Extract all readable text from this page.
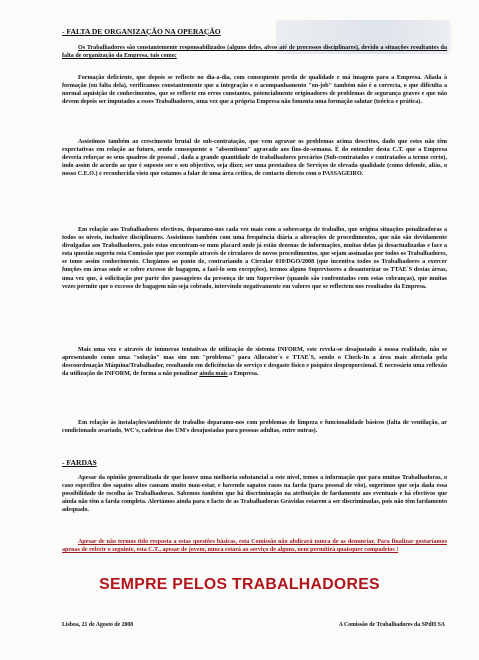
- FALTA DE ORGANIZAÇÃO NA OPERAÇÃO
Os Trabalhadores são constantemente responsabilizados (alguns deles, alvos até de processos disciplinares), devido a situações resultantes da falta de organização da Empresa, tais como:
Formação deficiente, que depois se reflecte no dia-a-dia, com consequente perda de qualidade e má imagem para a Empresa. Aliada à formação (ou falta dela), verificamos constantemente que a integração e o acompanhamento "on-job" também não é a correcta, o que dificulta a normal aquisição de conhecimentos, que se reflecte em erros constantes, potencialmente originadores de problemas de segurança graves e que não devem depois ser imputados a esses Trabalhadores, uma vez que a própria Empresa não fomenta uma formação salutar (teórica e prática).
Assistimos também ao crescimento brutal de sub-contratação, que vem agravar os problemas acima descritos, dado que estes não têm expectativas em relação ao futuro, sendo consequente o "absentismo" agravado aos fins-de-semana. É do entender desta C.T. que a Empresa deveria reforçar os seus quadros de pessoal , dada a grande quantidade de trabalhadores precários (Sub-contratados e contratados a termo certo), indo assim de acordo ao que é suposto ser o seu objectivo, seja dizer, ser uma prestadora de Serviços de elevada qualidade (como defende, aliás, o nosso C.E.O.) e reconhecida visto que estamos a falar de uma área crítica, de contacto directo com o PASSAGEIRO.
Em relação aos Trabalhadores efectivos, deparamo-nos cada vez mais com a sobrecarga de trabalho, que origina situações penalizadoras a todos os níveis, inclusive disciplinares. Assistimos também com uma frequência diária a alterações de procedimentos, que não são devidamente divulgadas aos Trabalhadores, pois estas encontram-se num placard onde já estão dezenas de informações, muitas delas já desactualizadas e face a esta questão sugeriu esta Comissão que por exemplo através de circulares de novos procedimentos, que sejam assinadas por todos os Trabalhadores, se tome assim conhecimento. Chegámos ao ponto de, contrariando a Circular 010/DGO/2008 (que incentiva todos os Trabalhadores a exercer funções em áreas onde se cobre excesso de bagagem, a fazê-lo sem excepções), termos alguns Supervisores a desautorizar os TTAE´S destas áreas, uma vez que, à solicitação por parte dos passageiros da presença de um Supervisor (quando são confrontados com estas cobranças), que muitas vezes permite que o excesso de bagagem não seja cobrado, intervindo negativamente em valores que se reflectem nos resultados da Empresa.
Mais uma vez e através de inúmeras tentativas de utilização do sistema INFORM, este revela-se desajustado à nossa realidade, não se apresentando como uma "solução" mas sim um "problema" para Allocator´s e TTAE´S, sendo o Check-In a área mais afectada pela descoordenação Máquina/Trabalhador, resultando em deficiências de serviço e desgaste físico e psíquico desproporcional. É necessário uma reflexão da utilização do INFORM, de forma a não penalizar ainda mais a Empresa.
Em relação às instalações/ambiente de trabalho deparamo-nos com problemas de limpeza e funcionalidade básicos (falta de ventilação, ar condicionado avariado, WC's, cadeiras dos UM's desajustadas para pessoas adultas, entre outras).
- FARDAS
Apesar da opinião generalizada de que houve uma melhoria substancial a este nível, temos a informação que para muitas Trabalhadoras, o caso específico dos sapatos altos causam muito mau-estar, e havendo sapatos rasos na farda (para pessoal de vôo), sugerimos que seja dada essa possibilidade de escolha às Trabalhadoras. Sabemos também que há discriminação na atribuição de fardamento aos eventuais e há efectivos que ainda não têm a farda completa. Alertámos ainda para o facto de as Trabalhadoras Grávidas estarem a ser discriminadas, pois não têm fardamento adequado.
Apesar de não termos tido resposta a estas questões básicas, esta Comissão não abdicará nunca de as denunciar. Para finalizar gostaríamos apenas de referir o seguinte, esta C.T., apesar de jovem, nunca estará ao serviço de alguns, nem permitirá quaisquer compadrios !
SEMPRE PELOS TRABALHADORES
Lisboa, 21 de Agosto de 2008	A Comissão de Trabalhadores da SPdH SA
